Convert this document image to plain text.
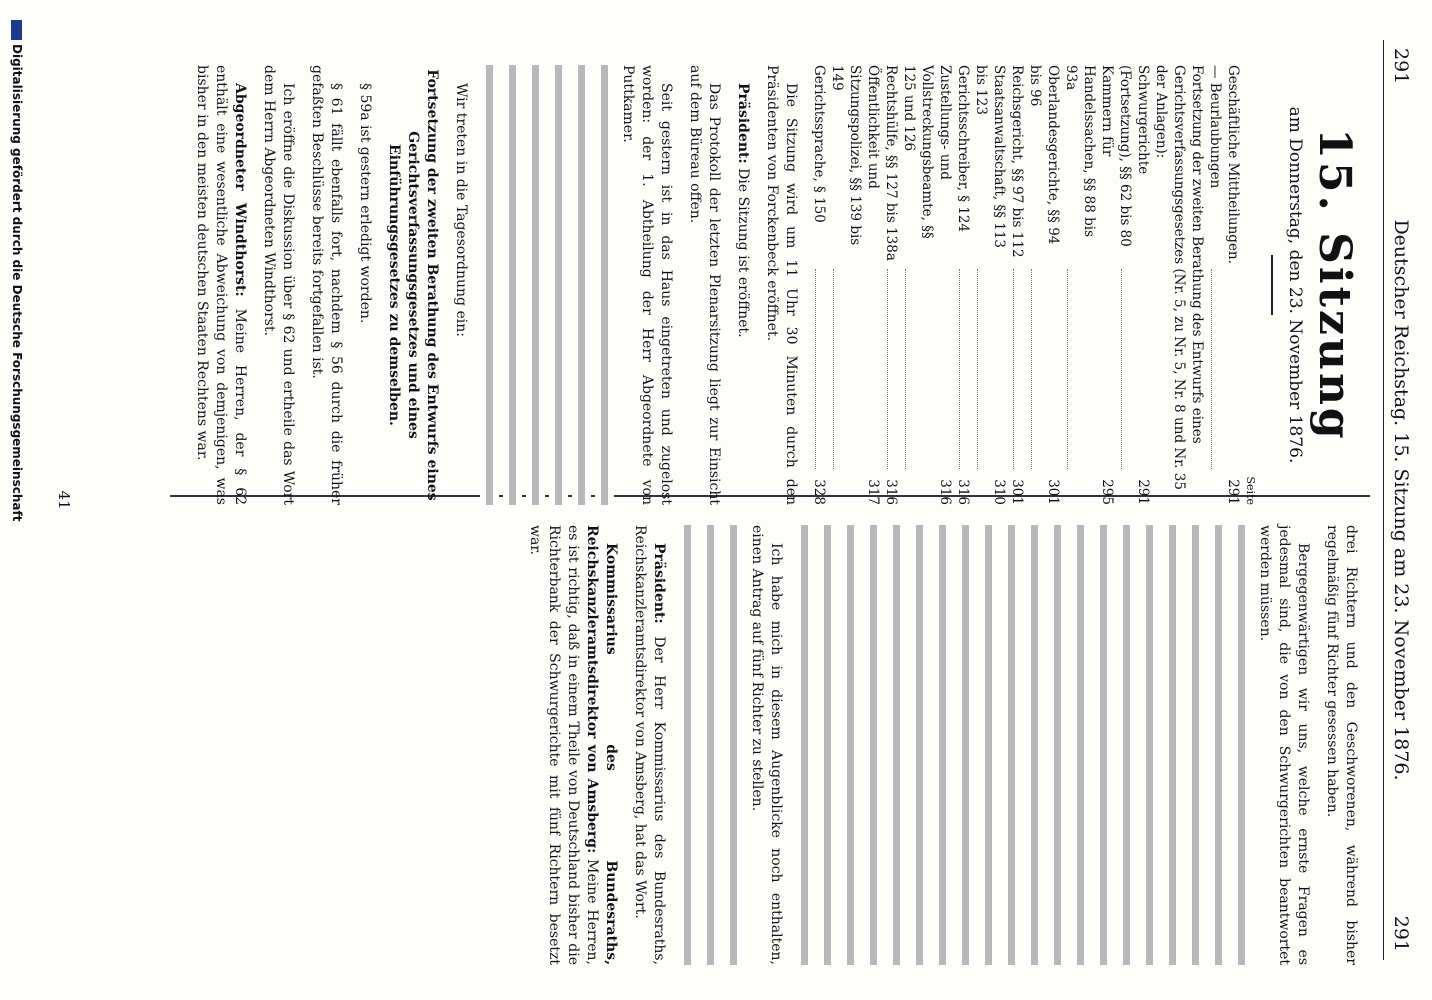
291
Deutscher Reichstag. 15. Sitzung am 23. November 1876.
291
15. Sitzung
am Donnerstag, den 23. November 1876.
Seite
Geschäftliche Mittheilungen. — Beurlaubungen
291
Fortsetzung der zweiten Berathung des Entwurfs eines Gerichtsverfassungsgesetzes (Nr. 5, zu Nr. 5, Nr. 8 und Nr. 35 der Anlagen):
Schwurgerichte (Fortsetzung), §§ 62 bis 80
291
Kammern für Handelssachen, §§ 88 bis 93a
295
Oberlandesgerichte, §§ 94 bis 96
301
Reichsgericht, §§ 97 bis 112
301
Staatsanwaltschaft, §§ 113 bis 123
310
Gerichtsschreiber, § 124
316
Zustellungs- und Vollstreckungsbeamte, §§ 125 und 126
316
Rechtshülfe, §§ 127 bis 138a
316
Öffentlichkeit und Sitzungspolizei, §§ 139 bis 149
317
Gerichtssprache, § 150
328

Die Sitzung wird um 11 Uhr 30 Minuten durch den Präsidenten von Forckenbeck eröffnet.

Präsident: Die Sitzung ist eröffnet.

Das Protokoll der letzten Plenarsitzung liegt zur Einsicht auf dem Büreau offen.

Seit gestern ist in das Haus eingetreten und zugelost worden: der 1. Abtheilung der Herr Abgeordnete von Puttkamer.

Wir treten in die Tagesordnung ein:

Fortsetzung der zweiten Berathung des Entwurfs eines Gerichtsverfassungsgesetzes und eines Einführungsgesetzes zu demselben.

§ 59a ist gestern erledigt worden.

§ 61 fällt ebenfalls fort, nachdem § 56 durch die früher gefaßten Beschlüsse bereits fortgefallen ist.

Ich eröffne die Diskussion über § 62 und ertheile das Wort dem Herrn Abgeordneten Windthorst.

Abgeordneter Windthorst: Meine Herren, der § 62 enthält eine wesentliche Abweichung von demjenigen, was bisher in den meisten deutschen Staaten Rechtens war.

drei Richtern und den Geschworenen, während bisher regelmäßig fünf Richter gesessen haben.

Bergegenwärtigen wir uns, welche ernste Fragen es jedesmal sind, die von den Schwurgerichten beantwortet werden müssen.

Ich habe mich in diesem Augenblicke noch enthalten, einen Antrag auf fünf Richter zu stellen.

Präsident: Der Herr Kommissarius des Bundesraths, Reichskanzleramtsdirektor von Amsberg, hat das Wort.

Kommissarius des Bundesraths, Reichskanzleramtsdirektor von Amsberg: Meine Herren, es ist richtig, daß in einem Theile von Deutschland bisher die Richterbank der Schwurgerichte mit fünf Richtern besetzt war.

41
Digitalisierung gefördert durch die Deutsche Forschungsgemeinschaft
